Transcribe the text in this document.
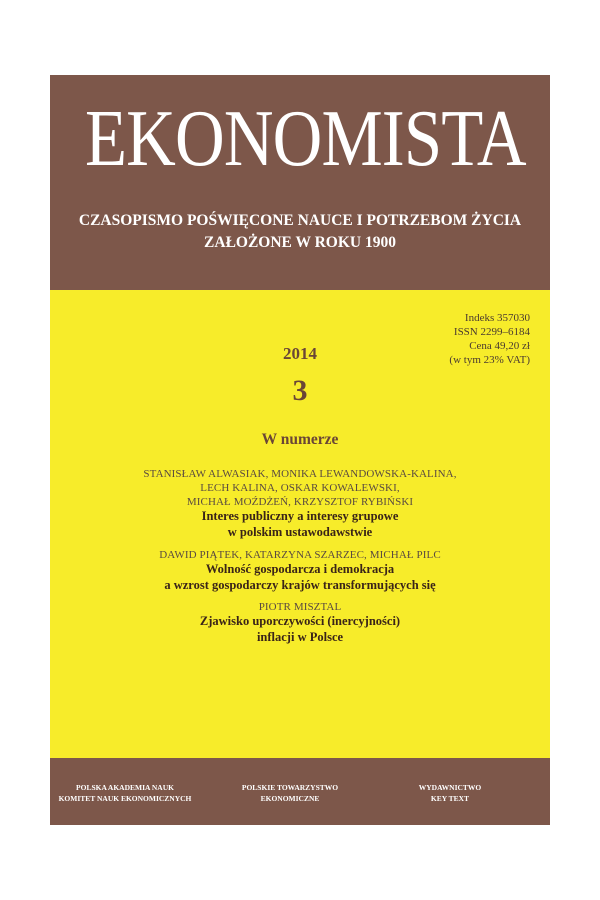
EKONOMISTA
CZASOPISMO POŚWIĘCONE NAUCE I POTRZEBOM ŻYCIA
ZAŁOŻONE W ROKU 1900
Indeks 357030
ISSN 2299–6184
Cena 49,20 zł
(w tym 23% VAT)
2014
3
W numerze
STANISŁAW ALWASIAK, MONIKA LEWANDOWSKA-KALINA,
LECH KALINA, OSKAR KOWALEWSKI,
MICHAŁ MOŹDŻEŃ, KRZYSZTOF RYBIŃSKI
Interes publiczny a interesy grupowe
w polskim ustawodawstwie
DAWID PIĄTEK, KATARZYNA SZARZEC, MICHAŁ PILC
Wolność gospodarcza i demokracja
a wzrost gospodarczy krajów transformujących się
PIOTR MISZTAL
Zjawisko uporczywości (inercyjności)
inflacji w Polsce
POLSKA AKADEMIA NAUK
KOMITET NAUK EKONOMICZNYCH
POLSKIE TOWARZYSTWO
EKONOMICZNE
WYDAWNICTWO
KEY TEXT
